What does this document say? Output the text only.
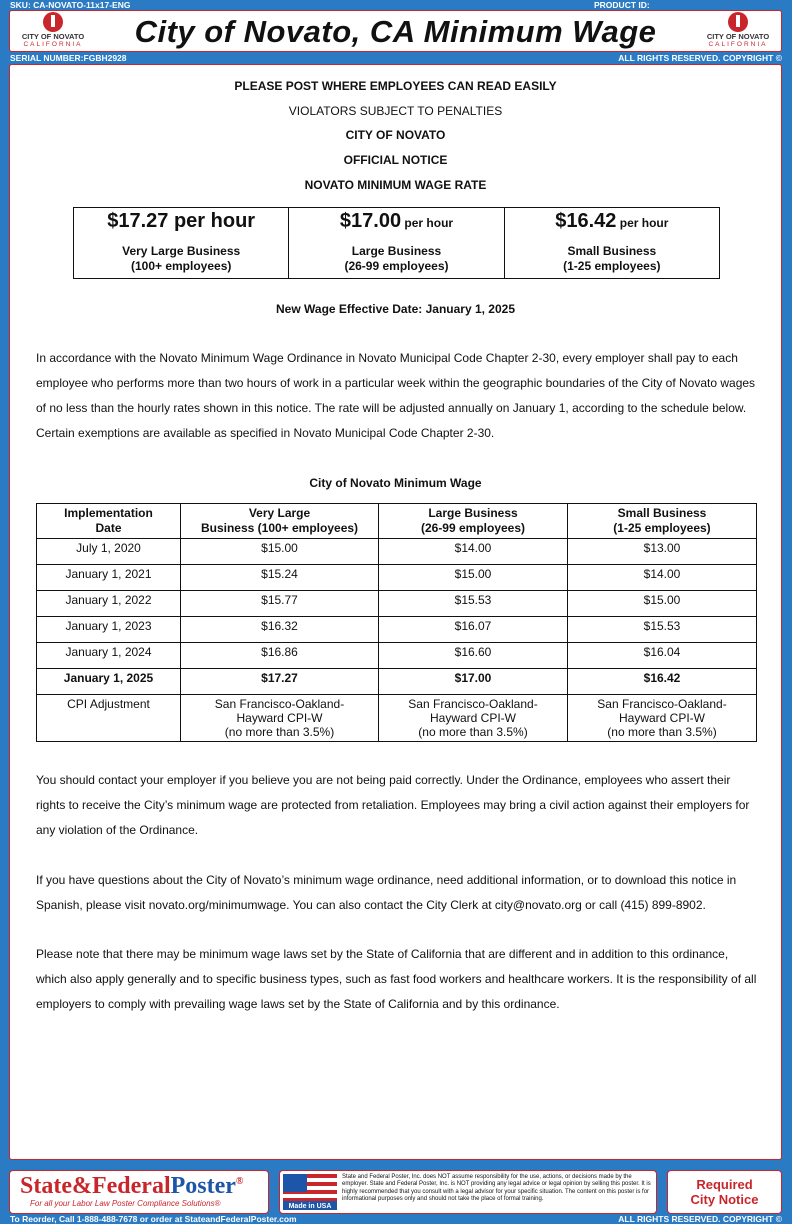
SKU: CA-NOVATO-11x17-ENG	PRODUCT ID:
CITY OF NOVATO
CALIFORNIA	City of Novato, CA Minimum Wage	CITY OF NOVATO
CALIFORNIA
SERIAL NUMBER:FGBH2928	ALL RIGHTS RESERVED. COPYRIGHT ©
PLEASE POST WHERE EMPLOYEES CAN READ EASILY
VIOLATORS SUBJECT TO PENALTIES
CITY OF NOVATO
OFFICIAL NOTICE
NOVATO MINIMUM WAGE RATE
$17.27 per hour
Very Large Business
(100+ employees)

$17.00 per hour
Large Business
(26-99 employees)

$16.42 per hour
Small Business
(1-25 employees)
New Wage Effective Date: January 1, 2025
In accordance with the Novato Minimum Wage Ordinance in Novato Municipal Code Chapter 2-30, every employer shall pay to each employee who performs more than two hours of work in a particular week within the geographic boundaries of the City of Novato wages of no less than the hourly rates shown in this notice. The rate will be adjusted annually on January 1, according to the schedule below. Certain exemptions are available as specified in Novato Municipal Code Chapter 2-30.
City of Novato Minimum Wage
Implementation
Date	Very Large
Business (100+ employees)	Large Business
(26-99 employees)	Small Business
(1-25 employees)
July 1, 2020	$15.00	$14.00	$13.00
January 1, 2021	$15.24	$15.00	$14.00
January 1, 2022	$15.77	$15.53	$15.00
January 1, 2023	$16.32	$16.07	$15.53
January 1, 2024	$16.86	$16.60	$16.04
January 1, 2025	$17.27	$17.00	$16.42
CPI Adjustment	San Francisco-Oakland-
Hayward CPI-W
(no more than 3.5%)	San Francisco-Oakland-
Hayward CPI-W
(no more than 3.5%)	San Francisco-Oakland-
Hayward CPI-W
(no more than 3.5%)
You should contact your employer if you believe you are not being paid correctly. Under the Ordinance, employees who assert their rights to receive the City’s minimum wage are protected from retaliation. Employees may bring a civil action against their employers for any violation of the Ordinance.
If you have questions about the City of Novato’s minimum wage ordinance, need additional information, or to download this notice in Spanish, please visit novato.org/minimumwage. You can also contact the City Clerk at city@novato.org or call (415) 899-8902.
Please note that there may be minimum wage laws set by the State of California that are different and in addition to this ordinance, which also apply generally and to specific business types, such as fast food workers and healthcare workers. It is the responsibility of all employers to comply with prevailing wage laws set by the State of California and by this ordinance.
State&FederalPoster®
For all your Labor Law Poster Compliance Solutions®	Made in USA
State and Federal Poster, Inc. does NOT assume responsibility for the use, actions, or decisions made by the employer. State and Federal Poster, Inc. is NOT providing any legal advice or legal opinion by selling this poster. It is highly recommended that you consult with a legal advisor for your specific situation. The content on this poster is for informational purposes only and should not take the place of formal training.
Required
City Notice
To Reorder, Call 1-888-488-7678 or order at StateandFederalPoster.com	ALL RIGHTS RESERVED. COPYRIGHT ©
